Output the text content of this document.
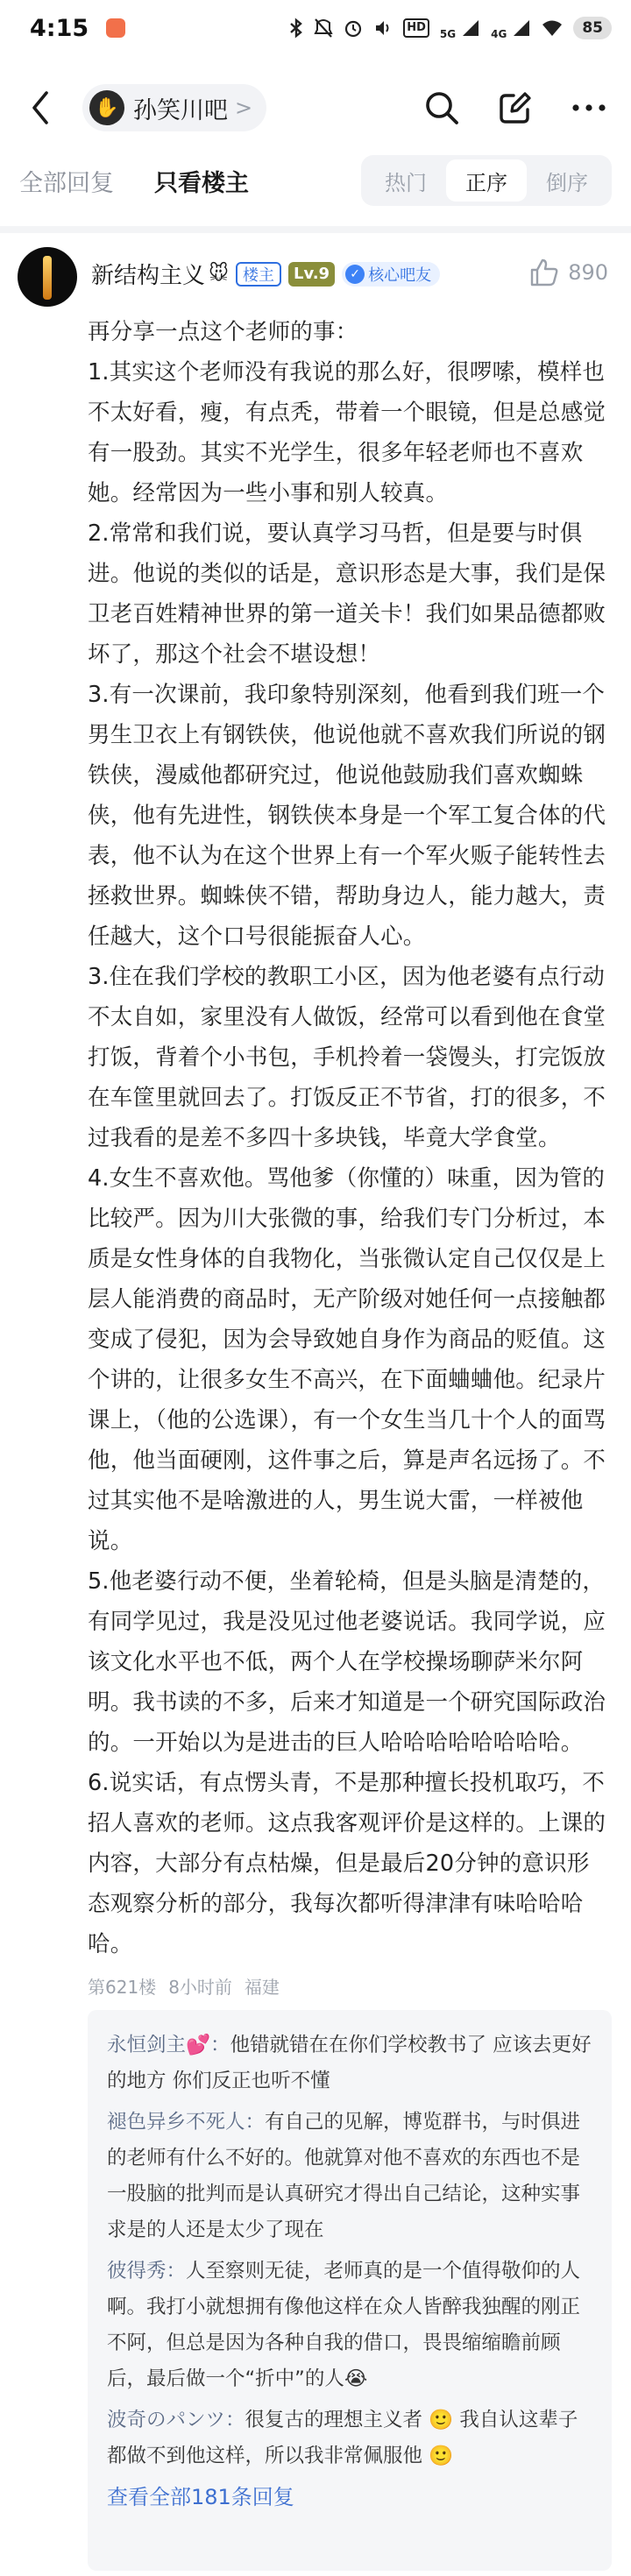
4:15	HD	5G	4G	85
✋ 孙笑川吧 >
全部回复 只看楼主	热门	正序	倒序
新结构主义 🐭 楼主	Lv.9	✓ 核心吧友	890

再分享一点这个老师的事：

1.其实这个老师没有我说的那么好，很啰嗦，模样也不太好看，瘦，有点秃，带着一个眼镜，但是总感觉有一股劲。其实不光学生，很多年轻老师也不喜欢她。经常因为一些小事和别人较真。

2.常常和我们说，要认真学习马哲，但是要与时俱进。他说的类似的话是，意识形态是大事，我们是保卫老百姓精神世界的第一道关卡！我们如果品德都败坏了，那这个社会不堪设想！

3.有一次课前，我印象特别深刻，他看到我们班一个男生卫衣上有钢铁侠，他说他就不喜欢我们所说的钢铁侠，漫威他都研究过，他说他鼓励我们喜欢蜘蛛侠，他有先进性，钢铁侠本身是一个军工复合体的代表，他不认为在这个世界上有一个军火贩子能转性去拯救世界。蜘蛛侠不错，帮助身边人，能力越大，责任越大，这个口号很能振奋人心。

3.住在我们学校的教职工小区，因为他老婆有点行动不太自如，家里没有人做饭，经常可以看到他在食堂打饭，背着个小书包，手机拎着一袋馒头，打完饭放在车筐里就回去了。打饭反正不节省，打的很多，不过我看的是差不多四十多块钱，毕竟大学食堂。

4.女生不喜欢他。骂他爹（你懂的）味重，因为管的比较严。因为川大张微的事，给我们专门分析过，本质是女性身体的自我物化，当张微认定自己仅仅是上层人能消费的商品时，无产阶级对她任何一点接触都变成了侵犯，因为会导致她自身作为商品的贬值。这个讲的，让很多女生不高兴，在下面蛐蛐他。纪录片课上，（他的公选课），有一个女生当几十个人的面骂他，他当面硬刚，这件事之后，算是声名远扬了。不过其实他不是啥激进的人，男生说大雷，一样被他说。

5.他老婆行动不便，坐着轮椅，但是头脑是清楚的，有同学见过，我是没见过他老婆说话。我同学说，应该文化水平也不低，两个人在学校操场聊萨米尔阿明。我书读的不多，后来才知道是一个研究国际政治的。一开始以为是进击的巨人哈哈哈哈哈哈哈哈。

6.说实话，有点愣头青，不是那种擅长投机取巧，不招人喜欢的老师。这点我客观评价是这样的。上课的内容，大部分有点枯燥，但是最后20分钟的意识形态观察分析的部分，我每次都听得津津有味哈哈哈哈。

第621楼 8小时前 福建
永恒剑主💕：他错就错在在你们学校教书了 应该去更好的地方 你们反正也听不懂
褪色异乡不死人：有自己的见解，博览群书，与时俱进的老师有什么不好的。他就算对他不喜欢的东西也不是一股脑的批判而是认真研究才得出自己结论，这种实事求是的人还是太少了现在
彼得秀：人至察则无徒，老师真的是一个值得敬仰的人啊。我打小就想拥有像他这样在众人皆醉我独醒的刚正不阿，但总是因为各种自我的借口，畏畏缩缩瞻前顾后，最后做一个“折中”的人😭
波奇のパンツ：很复古的理想主义者 🙂 我自认这辈子都做不到他这样，所以我非常佩服他 🙂
查看全部181条回复
